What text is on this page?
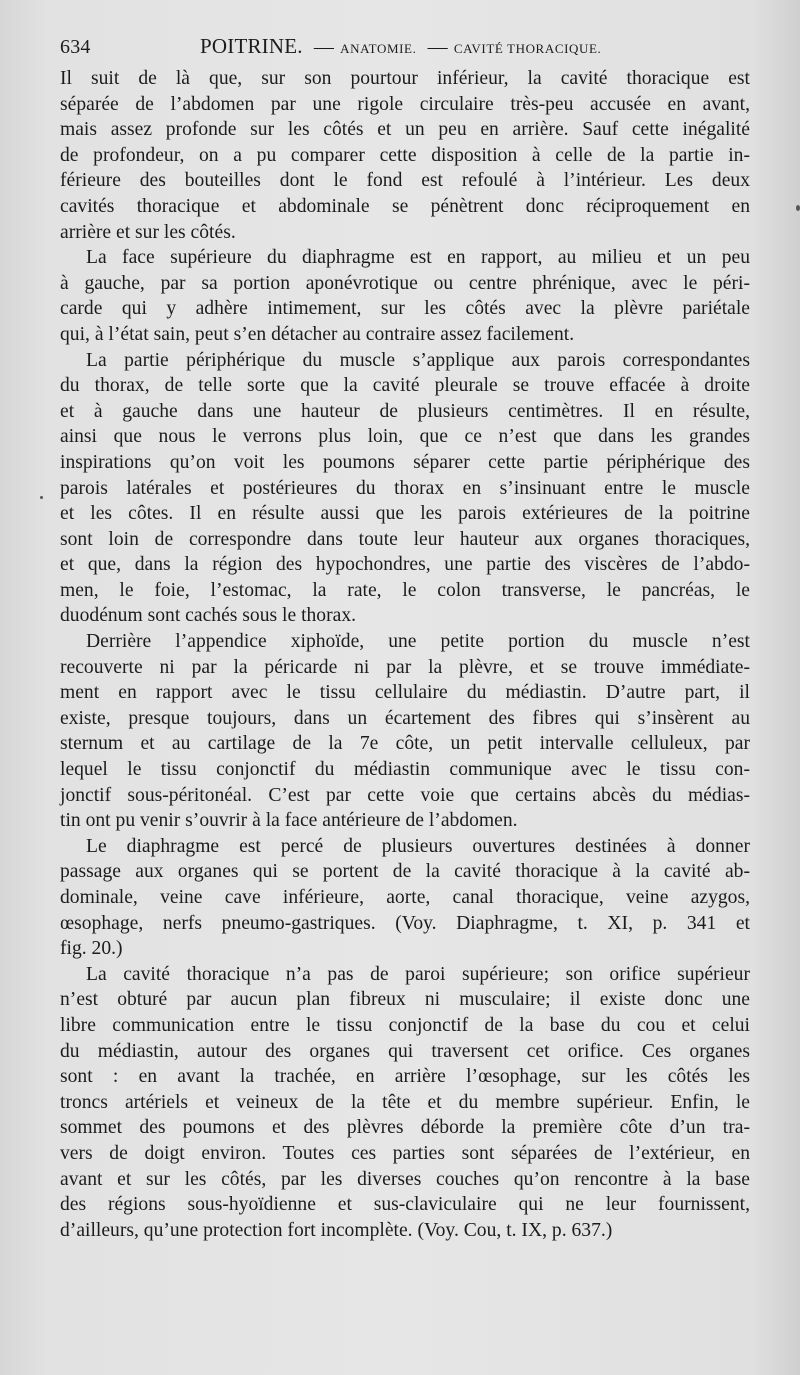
634	POITRINE. — ANATOMIE. — CAVITÉ THORACIQUE.
Il suit de là que, sur son pourtour inférieur, la cavité thoracique est
séparée de l’abdomen par une rigole circulaire très-peu accusée en avant,
mais assez profonde sur les côtés et un peu en arrière. Sauf cette inégalité
de profondeur, on a pu comparer cette disposition à celle de la partie in-
férieure des bouteilles dont le fond est refoulé à l’intérieur. Les deux
cavités thoracique et abdominale se pénètrent donc réciproquement en
arrière et sur les côtés.
La face supérieure du diaphragme est en rapport, au milieu et un peu
à gauche, par sa portion aponévrotique ou centre phrénique, avec le péri-
carde qui y adhère intimement, sur les côtés avec la plèvre pariétale
qui, à l’état sain, peut s’en détacher au contraire assez facilement.
La partie périphérique du muscle s’applique aux parois correspondantes
du thorax, de telle sorte que la cavité pleurale se trouve effacée à droite
et à gauche dans une hauteur de plusieurs centimètres. Il en résulte,
ainsi que nous le verrons plus loin, que ce n’est que dans les grandes
inspirations qu’on voit les poumons séparer cette partie périphérique des
parois latérales et postérieures du thorax en s’insinuant entre le muscle
et les côtes. Il en résulte aussi que les parois extérieures de la poitrine
sont loin de correspondre dans toute leur hauteur aux organes thoraciques,
et que, dans la région des hypochondres, une partie des viscères de l’abdo-
men, le foie, l’estomac, la rate, le colon transverse, le pancréas, le
duodénum sont cachés sous le thorax.
Derrière l’appendice xiphoïde, une petite portion du muscle n’est
recouverte ni par la péricarde ni par la plèvre, et se trouve immédiate-
ment en rapport avec le tissu cellulaire du médiastin. D’autre part, il
existe, presque toujours, dans un écartement des fibres qui s’insèrent au
sternum et au cartilage de la 7e côte, un petit intervalle celluleux, par
lequel le tissu conjonctif du médiastin communique avec le tissu con-
jonctif sous-péritonéal. C’est par cette voie que certains abcès du médias-
tin ont pu venir s’ouvrir à la face antérieure de l’abdomen.
Le diaphragme est percé de plusieurs ouvertures destinées à donner
passage aux organes qui se portent de la cavité thoracique à la cavité ab-
dominale, veine cave inférieure, aorte, canal thoracique, veine azygos,
œsophage, nerfs pneumo-gastriques. (Voy. Diaphragme, t. XI, p. 341 et
fig. 20.)
La cavité thoracique n’a pas de paroi supérieure; son orifice supérieur
n’est obturé par aucun plan fibreux ni musculaire; il existe donc une
libre communication entre le tissu conjonctif de la base du cou et celui
du médiastin, autour des organes qui traversent cet orifice. Ces organes
sont : en avant la trachée, en arrière l’œsophage, sur les côtés les
troncs artériels et veineux de la tête et du membre supérieur. Enfin, le
sommet des poumons et des plèvres déborde la première côte d’un tra-
vers de doigt environ. Toutes ces parties sont séparées de l’extérieur, en
avant et sur les côtés, par les diverses couches qu’on rencontre à la base
des régions sous-hyoïdienne et sus-claviculaire qui ne leur fournissent,
d’ailleurs, qu’une protection fort incomplète. (Voy. Cou, t. IX, p. 637.)
